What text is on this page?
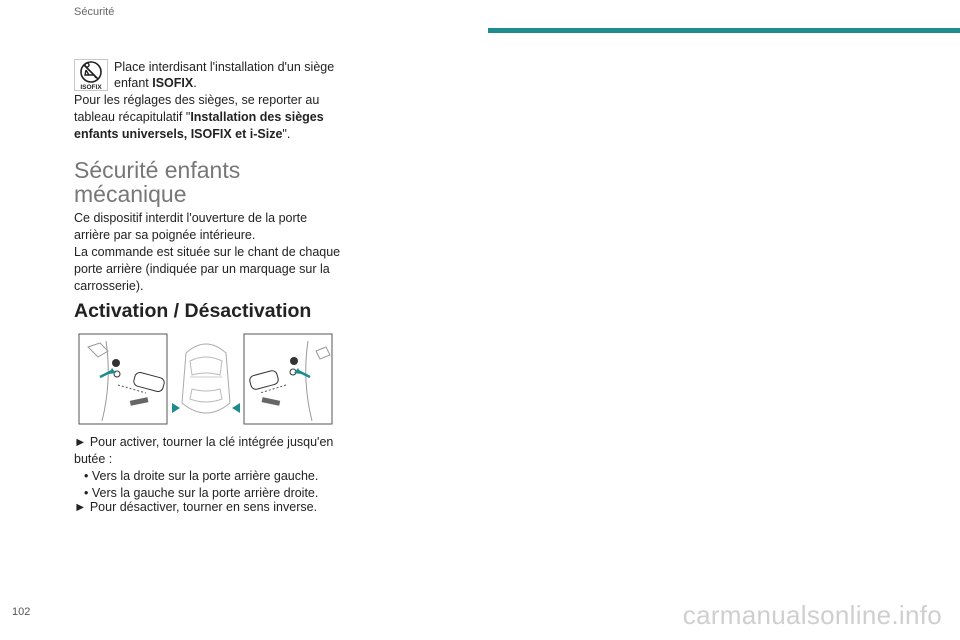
Sécurité
ISOFIX
Place interdisant l'installation d'un siège
enfant ISOFIX.
Pour les réglages des sièges, se reporter au
tableau récapitulatif "Installation des sièges
enfants universels, ISOFIX et i-Size".
Sécurité enfants
mécanique
Ce dispositif interdit l'ouverture de la porte
arrière par sa poignée intérieure.
La commande est située sur le chant de chaque
porte arrière (indiquée par un marquage sur la
carrosserie).
Activation / Désactivation
► Pour activer, tourner la clé intégrée jusqu'en
butée :
• Vers la droite sur la porte arrière gauche.
• Vers la gauche sur la porte arrière droite.
► Pour désactiver, tourner en sens inverse.
102	carmanualsonline.info
